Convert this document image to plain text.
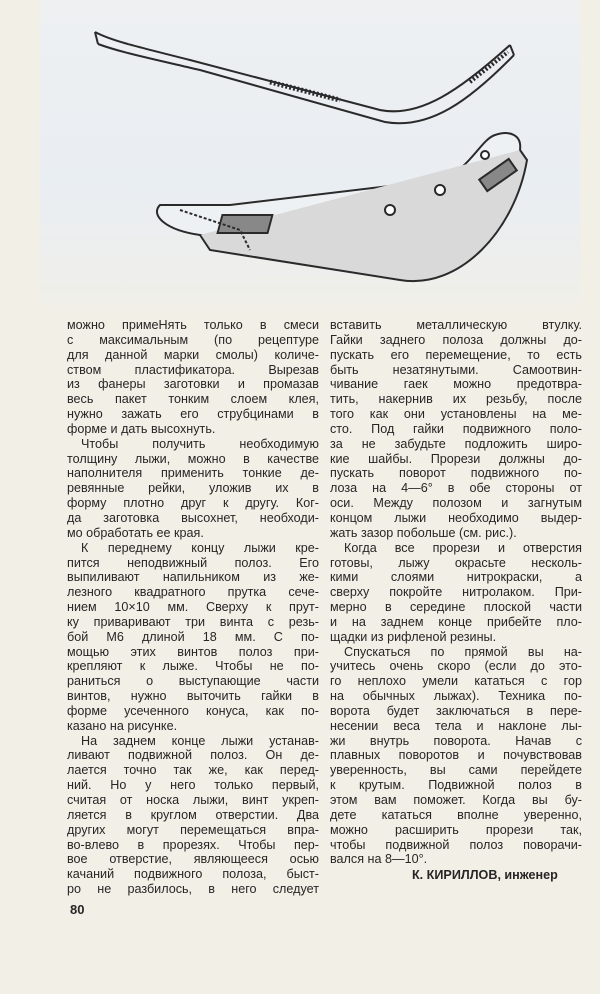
можно примеНять только в смеси
с максимальным (по рецептуре
для данной марки смолы) количе-
ством пластификатора. Вырезав
из фанеры заготовки и промазав
весь пакет тонким слоем клея,
нужно зажать его струбцинами в
форме и дать высохнуть.
Чтобы получить необходимую
толщину лыжи, можно в качестве
наполнителя применить тонкие де-
ревянные рейки, уложив их в
форму плотно друг к другу. Ког-
да заготовка высохнет, необходи-
мо обработать ее края.
К переднему концу лыжи кре-
пится неподвижный полоз. Его
выпиливают напильником из же-
лезного квадратного прутка сече-
нием 10×10 мм. Сверху к прут-
ку приваривают три винта с резь-
бой М6 длиной 18 мм. С по-
мощью этих винтов полоз при-
крепляют к лыже. Чтобы не по-
раниться о выступающие части
винтов, нужно выточить гайки в
форме усеченного конуса, как по-
казано на рисунке.
На заднем конце лыжи устанав-
ливают подвижной полоз. Он де-
лается точно так же, как перед-
ний. Но у него только первый,
считая от носка лыжи, винт укреп-
ляется в круглом отверстии. Два
других могут перемещаться впра-
во-влево в прорезях. Чтобы пер-
вое отверстие, являющееся осью
качаний подвижного полоза, быст-
ро не разбилось, в него следует
вставить металлическую втулку.
Гайки заднего полоза должны до-
пускать его перемещение, то есть
быть незатянутыми. Самоотвин-
чивание гаек можно предотвра-
тить, накернив их резьбу, после
того как они установлены на ме-
сто. Под гайки подвижного поло-
за не забудьте подложить широ-
кие шайбы. Прорези должны до-
пускать поворот подвижного по-
лоза на 4—6° в обе стороны от
оси. Между полозом и загнутым
концом лыжи необходимо выдер-
жать зазор побольше (см. рис.).
Когда все прорези и отверстия
готовы, лыжу окрасьте несколь-
кими слоями нитрокраски, а
сверху покройте нитролаком. При-
мерно в середине плоской части
и на заднем конце прибейте пло-
щадки из рифленой резины.
Спускаться по прямой вы на-
учитесь очень скоро (если до это-
го неплохо умели кататься с гор
на обычных лыжах). Техника по-
ворота будет заключаться в пере-
несении веса тела и наклоне лы-
жи внутрь поворота. Начав с
плавных поворотов и почувствовав
уверенность, вы сами перейдете
к крутым. Подвижной полоз в
этом вам поможет. Когда вы бу-
дете кататься вполне уверенно,
можно расширить прорези так,
чтобы подвижной полоз поворачи-
вался на 8—10°.
К. КИРИЛЛОВ, инженер
80
